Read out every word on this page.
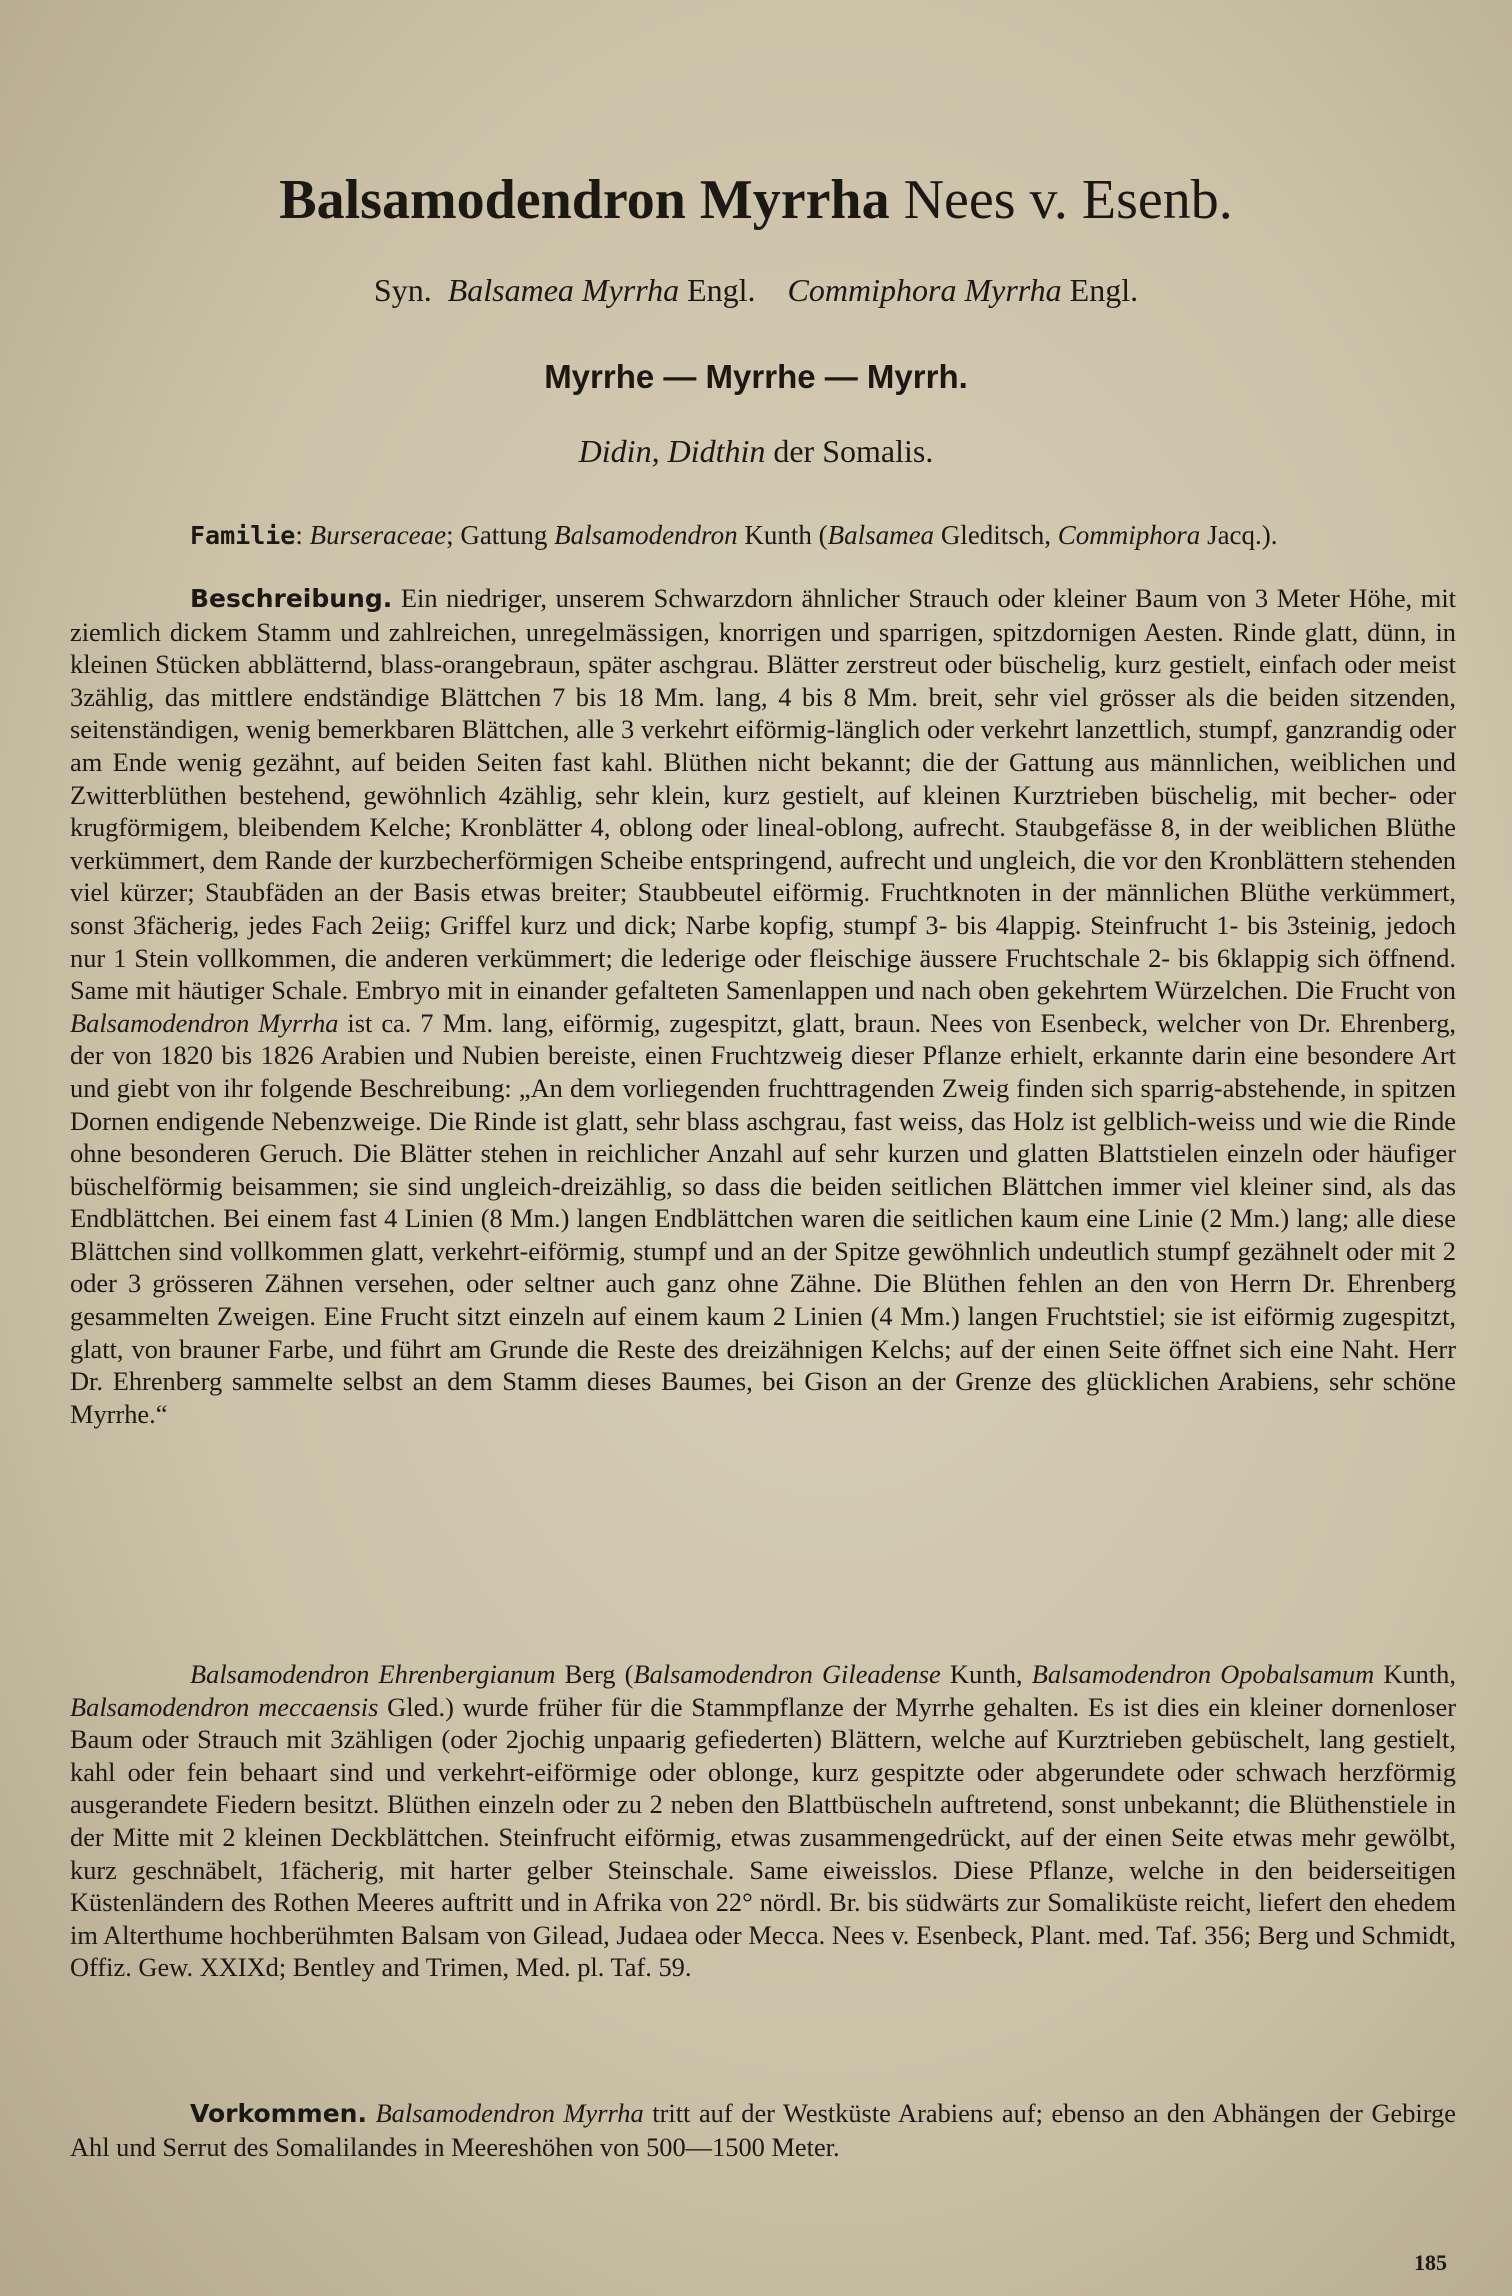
Balsamodendron Myrrha Nees v. Esenb.
Syn. Balsamea Myrrha Engl. Commiphora Myrrha Engl.
Myrrhe — Myrrhe — Myrrh.
Didin, Didthin der Somalis.
Familie: Burseraceae; Gattung Balsamodendron Kunth (Balsamea Gleditsch, Commiphora Jacq.).
Beschreibung. Ein niedriger, unserem Schwarzdorn ähnlicher Strauch oder kleiner Baum von 3 Meter Höhe, mit ziemlich dickem Stamm und zahlreichen, unregelmässigen, knorrigen und sparrigen, spitzdornigen Aesten. Rinde glatt, dünn, in kleinen Stücken abblätternd, blass-orangebraun, später aschgrau. Blätter zerstreut oder büschelig, kurz gestielt, einfach oder meist 3zählig, das mittlere endständige Blättchen 7 bis 18 Mm. lang, 4 bis 8 Mm. breit, sehr viel grösser als die beiden sitzenden, seitenständigen, wenig bemerkbaren Blättchen, alle 3 verkehrt eiförmig-länglich oder verkehrt lanzettlich, stumpf, ganzrandig oder am Ende wenig gezähnt, auf beiden Seiten fast kahl. Blüthen nicht bekannt; die der Gattung aus männlichen, weiblichen und Zwitterblüthen bestehend, gewöhnlich 4zählig, sehr klein, kurz gestielt, auf kleinen Kurztrieben büschelig, mit becher- oder krugförmigem, bleibendem Kelche; Kronblätter 4, oblong oder lineal-oblong, aufrecht. Staubgefässe 8, in der weiblichen Blüthe verkümmert, dem Rande der kurzbecherförmigen Scheibe entspringend, aufrecht und ungleich, die vor den Kronblättern stehenden viel kürzer; Staubfäden an der Basis etwas breiter; Staubbeutel eiförmig. Fruchtknoten in der männlichen Blüthe verkümmert, sonst 3fächerig, jedes Fach 2eiig; Griffel kurz und dick; Narbe kopfig, stumpf 3- bis 4lappig. Steinfrucht 1- bis 3steinig, jedoch nur 1 Stein vollkommen, die anderen verkümmert; die lederige oder fleischige äussere Fruchtschale 2- bis 6klappig sich öffnend. Same mit häutiger Schale. Embryo mit in einander gefalteten Samenlappen und nach oben gekehrtem Würzelchen. Die Frucht von Balsamodendron Myrrha ist ca. 7 Mm. lang, eiförmig, zugespitzt, glatt, braun. Nees von Esenbeck, welcher von Dr. Ehrenberg, der von 1820 bis 1826 Arabien und Nubien bereiste, einen Fruchtzweig dieser Pflanze erhielt, erkannte darin eine besondere Art und giebt von ihr folgende Beschreibung: „An dem vorliegenden fruchttragenden Zweig finden sich sparrig-abstehende, in spitzen Dornen endigende Nebenzweige. Die Rinde ist glatt, sehr blass aschgrau, fast weiss, das Holz ist gelblich-weiss und wie die Rinde ohne besonderen Geruch. Die Blätter stehen in reichlicher Anzahl auf sehr kurzen und glatten Blattstielen einzeln oder häufiger büschelförmig beisammen; sie sind ungleich-dreizählig, so dass die beiden seitlichen Blättchen immer viel kleiner sind, als das Endblättchen. Bei einem fast 4 Linien (8 Mm.) langen Endblättchen waren die seitlichen kaum eine Linie (2 Mm.) lang; alle diese Blättchen sind vollkommen glatt, verkehrt-eiförmig, stumpf und an der Spitze gewöhnlich undeutlich stumpf gezähnelt oder mit 2 oder 3 grösseren Zähnen versehen, oder seltner auch ganz ohne Zähne. Die Blüthen fehlen an den von Herrn Dr. Ehrenberg gesammelten Zweigen. Eine Frucht sitzt einzeln auf einem kaum 2 Linien (4 Mm.) langen Fruchtstiel; sie ist eiförmig zugespitzt, glatt, von brauner Farbe, und führt am Grunde die Reste des dreizähnigen Kelchs; auf der einen Seite öffnet sich eine Naht. Herr Dr. Ehrenberg sammelte selbst an dem Stamm dieses Baumes, bei Gison an der Grenze des glücklichen Arabiens, sehr schöne Myrrhe.“
Balsamodendron Ehrenbergianum Berg (Balsamodendron Gileadense Kunth, Balsamodendron Opobalsamum Kunth, Balsamodendron meccaensis Gled.) wurde früher für die Stammpflanze der Myrrhe gehalten. Es ist dies ein kleiner dornenloser Baum oder Strauch mit 3zähligen (oder 2jochig unpaarig gefiederten) Blättern, welche auf Kurztrieben gebüschelt, lang gestielt, kahl oder fein behaart sind und verkehrt-eiförmige oder oblonge, kurz gespitzte oder abgerundete oder schwach herzförmig ausgerandete Fiedern besitzt. Blüthen einzeln oder zu 2 neben den Blattbüscheln auftretend, sonst unbekannt; die Blüthenstiele in der Mitte mit 2 kleinen Deckblättchen. Steinfrucht eiförmig, etwas zusammengedrückt, auf der einen Seite etwas mehr gewölbt, kurz geschnäbelt, 1fächerig, mit harter gelber Steinschale. Same eiweisslos. Diese Pflanze, welche in den beiderseitigen Küstenländern des Rothen Meeres auftritt und in Afrika von 22° nördl. Br. bis südwärts zur Somaliküste reicht, liefert den ehedem im Alterthume hochberühmten Balsam von Gilead, Judaea oder Mecca. Nees v. Esenbeck, Plant. med. Taf. 356; Berg und Schmidt, Offiz. Gew. XXIXd; Bentley and Trimen, Med. pl. Taf. 59.
Vorkommen. Balsamodendron Myrrha tritt auf der Westküste Arabiens auf; ebenso an den Abhängen der Gebirge Ahl und Serrut des Somalilandes in Meereshöhen von 500—1500 Meter.
185
